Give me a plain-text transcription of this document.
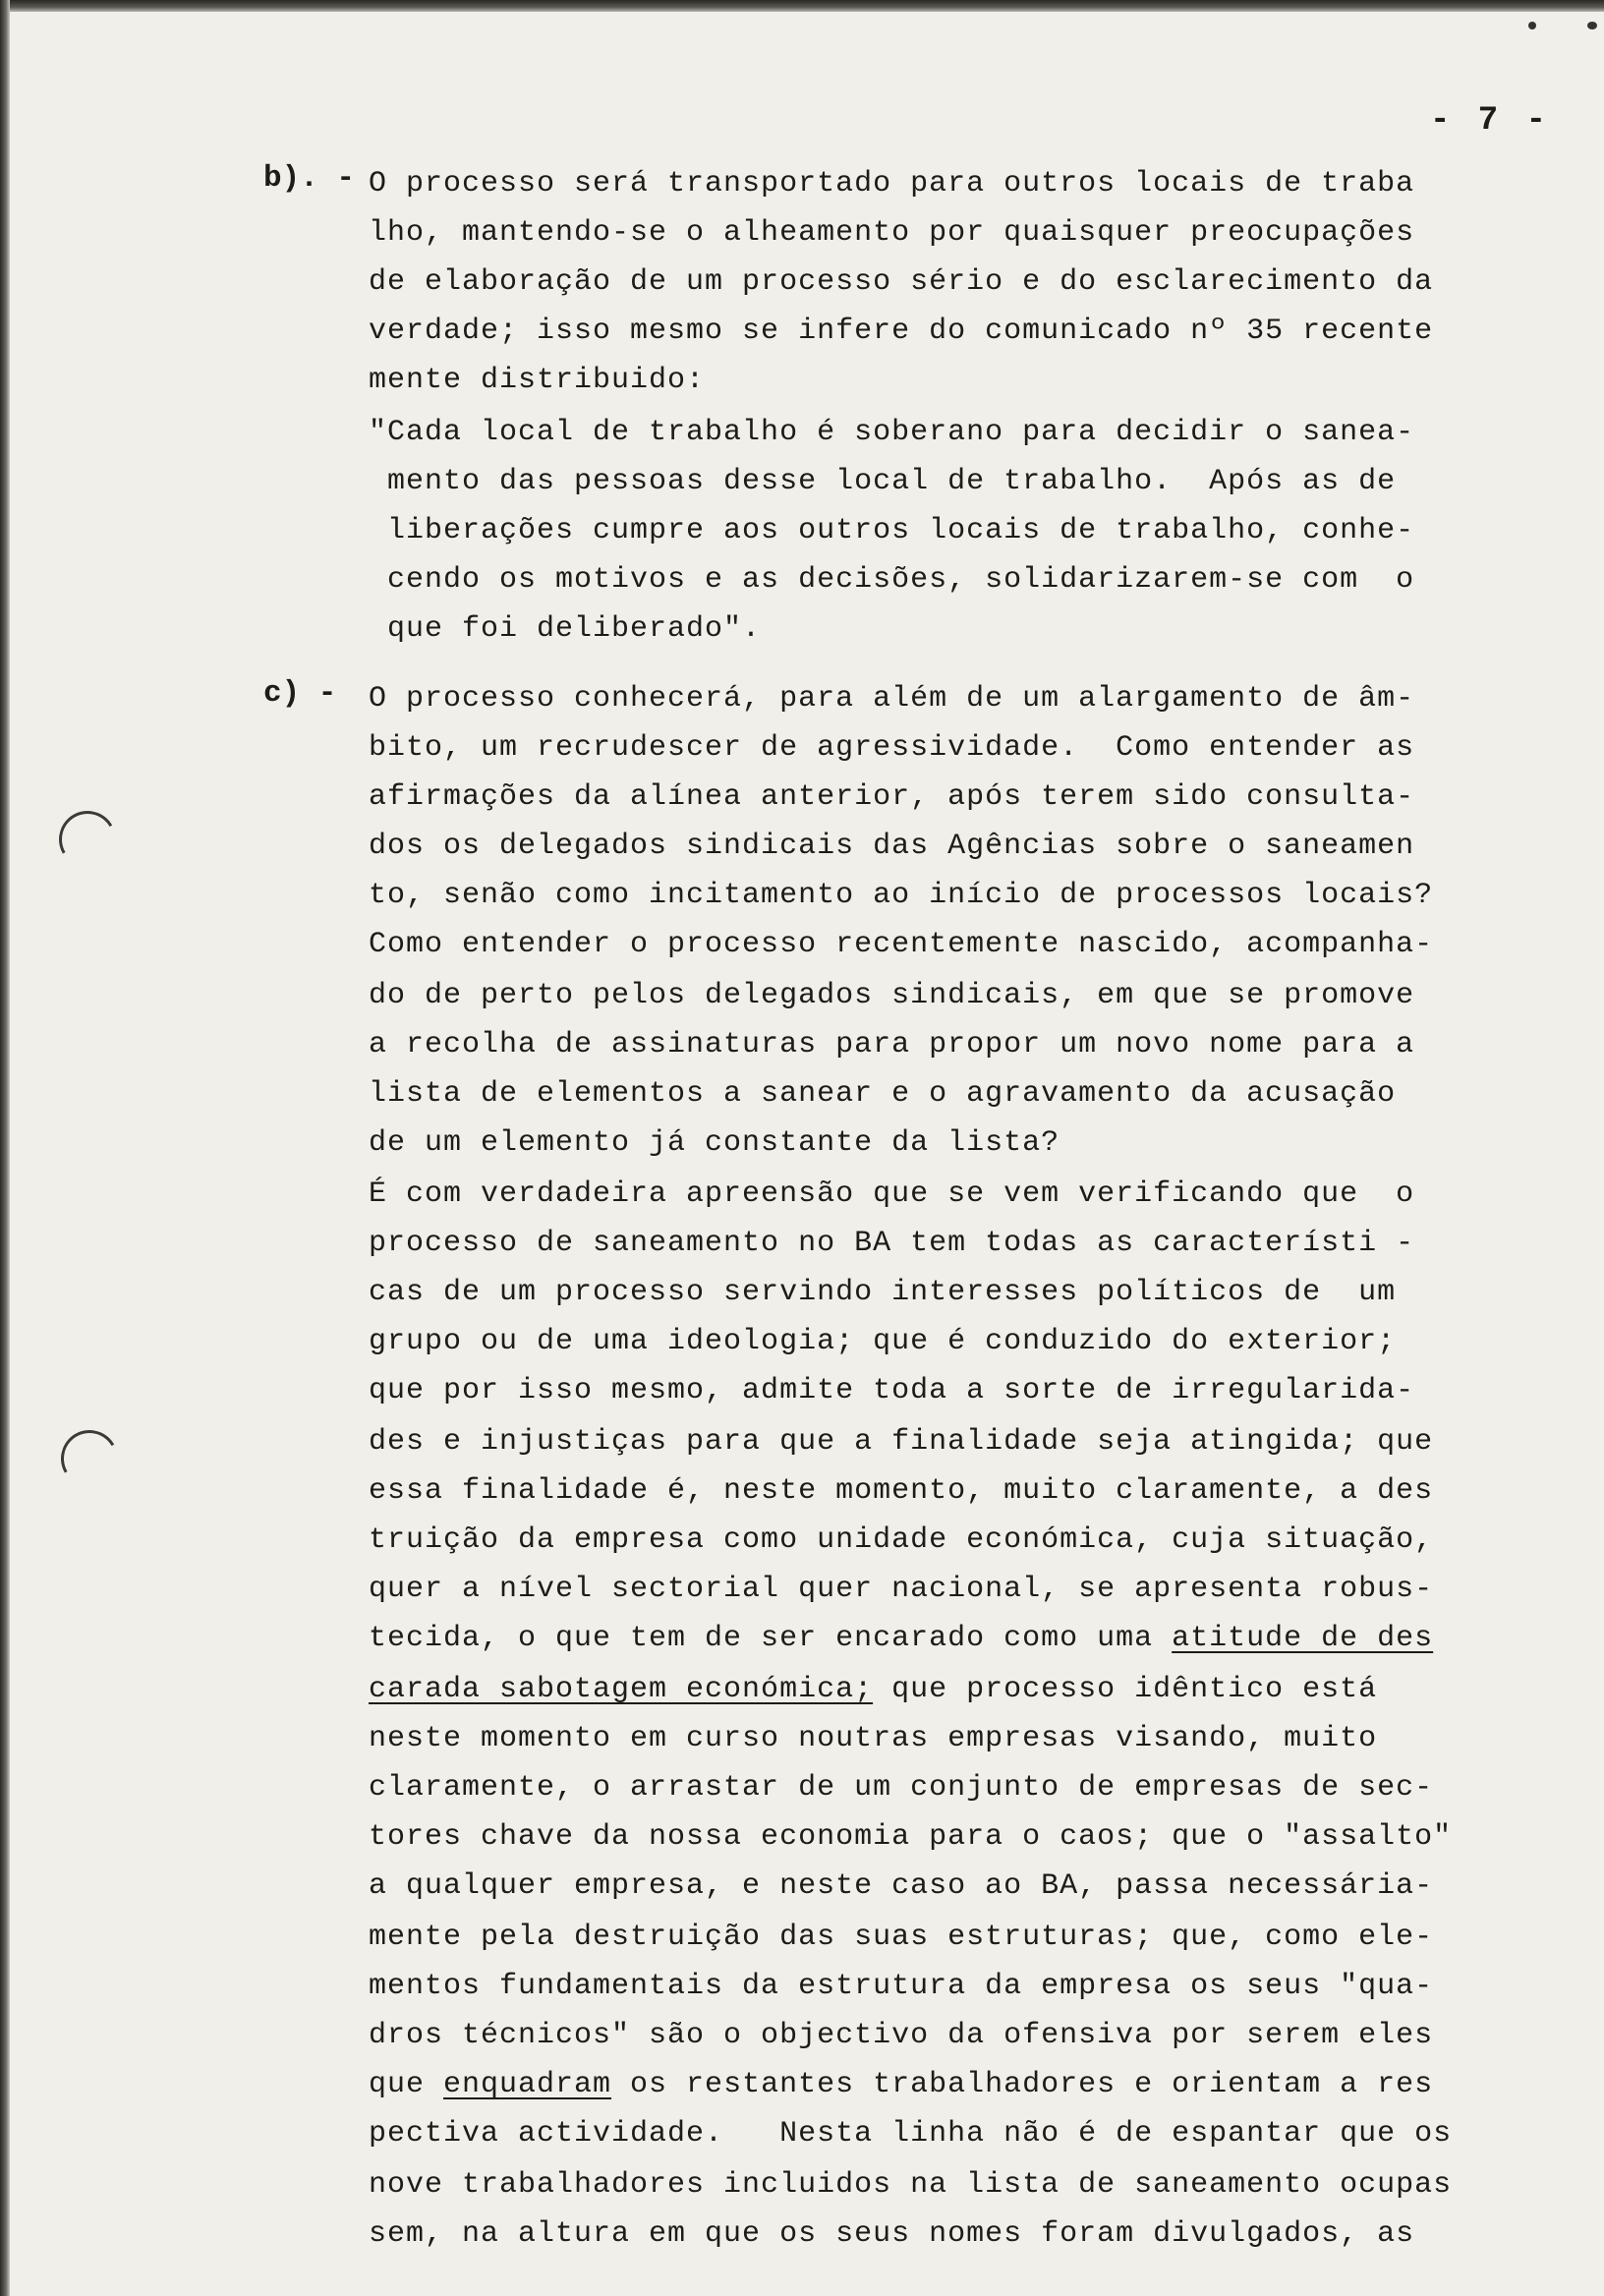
- 7 -
b). -
c) -
O processo será transportado para outros locais de traba
lho, mantendo-se o alheamento por quaisquer preocupações
de elaboração de um processo sério e do esclarecimento da
verdade; isso mesmo se infere do comunicado nº 35 recente
mente distribuido:
"Cada local de trabalho é soberano para decidir o sanea-
mento das pessoas desse local de trabalho.  Após as de
liberações cumpre aos outros locais de trabalho, conhe-
cendo os motivos e as decisões, solidarizarem-se com  o
que foi deliberado".
O processo conhecerá, para além de um alargamento de âm-
bito, um recrudescer de agressividade.  Como entender as
afirmações da alínea anterior, após terem sido consulta-
dos os delegados sindicais das Agências sobre o saneamen
to, senão como incitamento ao início de processos locais?
Como entender o processo recentemente nascido, acompanha-
do de perto pelos delegados sindicais, em que se promove
a recolha de assinaturas para propor um novo nome para a
lista de elementos a sanear e o agravamento da acusação
de um elemento já constante da lista?
É com verdadeira apreensão que se vem verificando que  o
processo de saneamento no BA tem todas as característi -
cas de um processo servindo interesses políticos de  um
grupo ou de uma ideologia; que é conduzido do exterior;
que por isso mesmo, admite toda a sorte de irregularida-
des e injustiças para que a finalidade seja atingida; que
essa finalidade é, neste momento, muito claramente, a des
truição da empresa como unidade económica, cuja situação,
quer a nível sectorial quer nacional, se apresenta robus-
tecida, o que tem de ser encarado como uma atitude de des
carada sabotagem económica; que processo idêntico está
neste momento em curso noutras empresas visando, muito
claramente, o arrastar de um conjunto de empresas de sec-
tores chave da nossa economia para o caos; que o "assalto"
a qualquer empresa, e neste caso ao BA, passa necessária-
mente pela destruição das suas estruturas; que, como ele-
mentos fundamentais da estrutura da empresa os seus "qua-
dros técnicos" são o objectivo da ofensiva por serem eles
que enquadram os restantes trabalhadores e orientam a res
pectiva actividade.   Nesta linha não é de espantar que os
nove trabalhadores incluidos na lista de saneamento ocupas
sem, na altura em que os seus nomes foram divulgados, as
